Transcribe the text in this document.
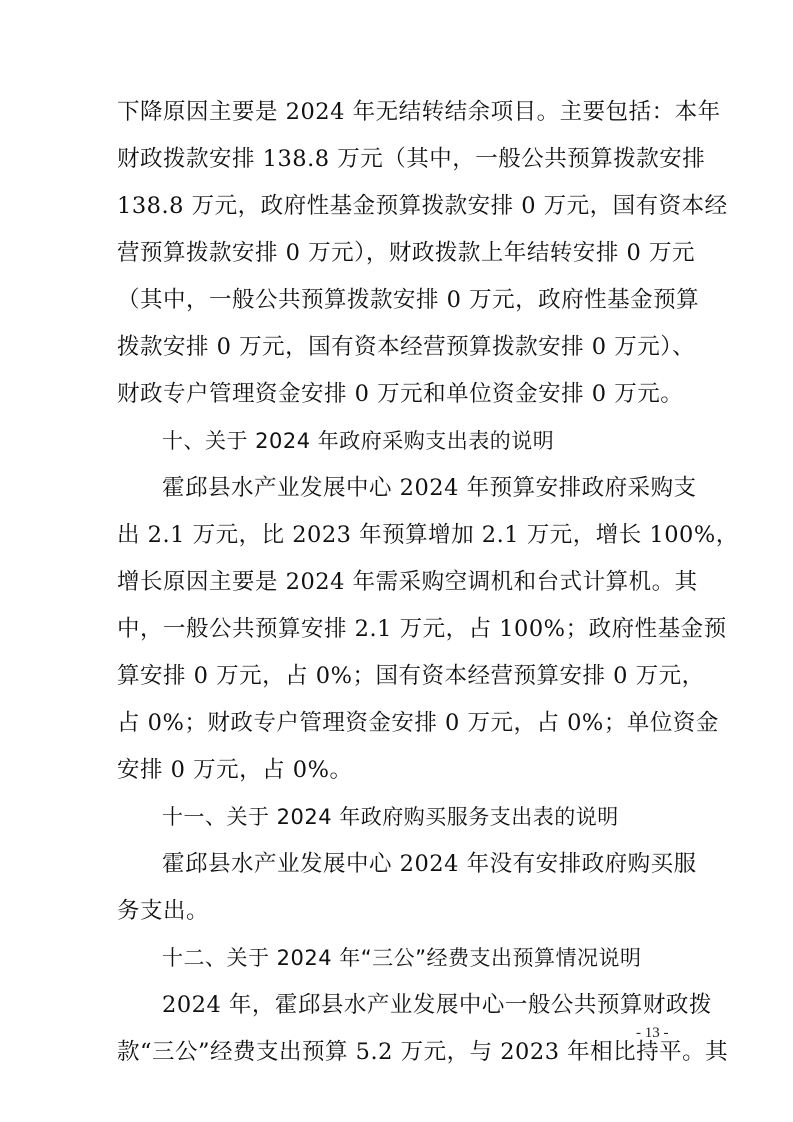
下降原因主要是 2024 年无结转结余项目。主要包括：本年
财政拨款安排 138.8 万元（其中，一般公共预算拨款安排
138.8 万元，政府性基金预算拨款安排 0 万元，国有资本经
营预算拨款安排 0 万元），财政拨款上年结转安排 0 万元
（其中，一般公共预算拨款安排 0 万元，政府性基金预算
拨款安排 0 万元，国有资本经营预算拨款安排 0 万元）、
财政专户管理资金安排 0 万元和单位资金安排 0 万元。
十、关于 2024 年政府采购支出表的说明
霍邱县水产业发展中心 2024 年预算安排政府采购支
出 2.1 万元，比 2023 年预算增加 2.1 万元，增长 100%，
增长原因主要是 2024 年需采购空调机和台式计算机。其
中，一般公共预算安排 2.1 万元，占 100%；政府性基金预
算安排 0 万元，占 0%；国有资本经营预算安排 0 万元，
占 0%；财政专户管理资金安排 0 万元，占 0%；单位资金
安排 0 万元，占 0%。
十一、关于 2024 年政府购买服务支出表的说明
霍邱县水产业发展中心 2024 年没有安排政府购买服
务支出。
十二、关于 2024 年“三公”经费支出预算情况说明
2024 年，霍邱县水产业发展中心一般公共预算财政拨
款“三公”经费支出预算 5.2 万元，与 2023 年相比持平。其
- 13 -
